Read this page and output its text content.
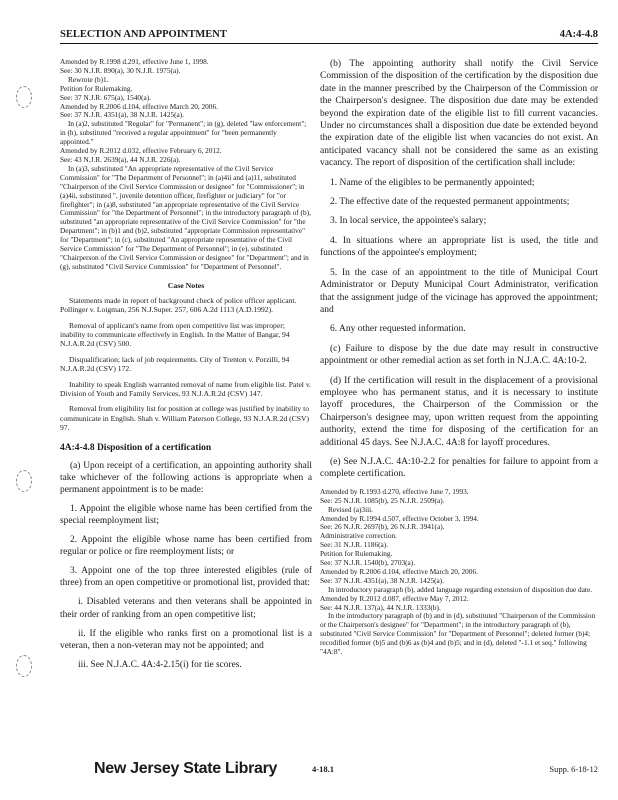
SELECTION AND APPOINTMENT	4A:4-4.8

Amended by R.1998 d.291, effective June 1, 1998.

See: 30 N.J.R. 890(a), 30 N.J.R. 1975(a).

Rewrote (b)1.

Petition for Rulemaking.

See: 37 N.J.R. 675(a), 1540(a).

Amended by R.2006 d.104, effective March 20, 2006.

See: 37 N.J.R. 4351(a), 38 N.J.R. 1425(a).

In (a)2, substituted "Regular" for "Permanent"; in (g), deleted "law enforcement"; in (h), substituted "received a regular appointment" for "been permanently appointed."

Amended by R.2012 d.032, effective February 6, 2012.

See: 43 N.J.R. 2639(a), 44 N.J.R. 226(a).

In (a)3, substituted "An appropriate representative of the Civil Service Commission" for "The Department of Personnel"; in (a)4ii and (a)11, substituted "Chairperson of the Civil Service Commission or designee" for "Commissioner"; in (a)4ii, substituted ", juvenile detention officer, firefighter or judiciary" for "or firefighter"; in (a)8, substituted "an appropriate representative of the Civil Service Commission" for "the Department of Personnel"; in the introductory paragraph of (b), substituted "an appropriate representative of the Civil Service Commission" for "the Department"; in (b)1 and (b)2, substituted "appropriate Commission representative" for "Department"; in (c), substituted "An appropriate representative of the Civil Service Commission" for "The Department of Personnel"; in (e), substituted "Chairperson of the Civil Service Commission or designee" for "Department"; and in (g), substituted "Civil Service Commission" for "Department of Personnel".

Case Notes

Statements made in report of background check of police officer applicant. Pollinger v. Loigman, 256 N.J.Super. 257, 606 A.2d 1113 (A.D.1992).

Removal of applicant's name from open competitive list was improper; inability to communicate effectively in English. In the Matter of Bangar, 94 N.J.A.R.2d (CSV) 500.

Disqualification; lack of job requirements. City of Trenton v. Porzilli, 94 N.J.A.R.2d (CSV) 172.

Inability to speak English warranted removal of name from eligible list. Patel v. Division of Youth and Family Services, 93 N.J.A.R.2d (CSV) 147.

Removal from eligibility list for position at college was justified by inability to communicate in English. Shah v. William Paterson College, 93 N.J.A.R.2d (CSV) 97.

4A:4-4.8 Disposition of a certification

(a) Upon receipt of a certification, an appointing authority shall take whichever of the following actions is appropriate when a permanent appointment is to be made:

1. Appoint the eligible whose name has been certified from the special reemployment list;

2. Appoint the eligible whose name has been certified from regular or police or fire reemployment lists; or

3. Appoint one of the top three interested eligibles (rule of three) from an open competitive or promotional list, provided that:

i. Disabled veterans and then veterans shall be appointed in their order of ranking from an open competitive list;

ii. If the eligible who ranks first on a promotional list is a veteran, then a non-veteran may not be appointed; and

iii. See N.J.A.C. 4A:4-2.15(i) for tie scores.

(b) The appointing authority shall notify the Civil Service Commission of the disposition of the certification by the disposition due date in the manner prescribed by the Chairperson of the Commission or the Chairperson's designee. The disposition due date may be extended beyond the expiration date of the eligible list to fill current vacancies. Under no circumstances shall a disposition due date be extended beyond the expiration date of the eligible list when vacancies do not exist. An anticipated vacancy shall not be considered the same as an existing vacancy. The report of disposition of the certification shall include:

1. Name of the eligibles to be permanently appointed;

2. The effective date of the requested permanent appointments;

3. In local service, the appointee's salary;

4. In situations where an appropriate list is used, the title and functions of the appointee's employment;

5. In the case of an appointment to the title of Municipal Court Administrator or Deputy Municipal Court Administrator, verification that the assignment judge of the vicinage has approved the appointment; and

6. Any other requested information.

(c) Failure to dispose by the due date may result in constructive appointment or other remedial action as set forth in N.J.A.C. 4A:10-2.

(d) If the certification will result in the displacement of a provisional employee who has permanent status, and it is necessary to institute layoff procedures, the Chairperson of the Commission or the Chairperson's designee may, upon written request from the appointing authority, extend the time for disposing of the certification for an additional 45 days. See N.J.A.C. 4A:8 for layoff procedures.

(e) See N.J.A.C. 4A:10-2.2 for penalties for failure to appoint from a complete certification.

Amended by R.1993 d.270, effective June 7, 1993.

See: 25 N.J.R. 1085(b), 25 N.J.R. 2509(a).

Revised (a)3iii.

Amended by R.1994 d.507, effective October 3, 1994.

See: 26 N.J.R. 2697(b), 26 N.J.R. 3941(a).

Administrative correction.

See: 31 N.J.R. 1186(a).

Petition for Rulemaking.

See: 37 N.J.R. 1540(b), 2703(a).

Amended by R.2006 d.104, effective March 20, 2006.

See: 37 N.J.R. 4351(a), 38 N.J.R. 1425(a).

In introductory paragraph (b), added language regarding extension of disposition due date.

Amended by R.2012 d.087, effective May 7, 2012.

See: 44 N.J.R. 137(a), 44 N.J.R. 1333(b).

In the introductory paragraph of (b) and in (d), substituted "Chairperson of the Commission or the Chairperson's designee" for "Department"; in the introductory paragraph of (b), substituted "Civil Service Commission" for "Department of Personnel"; deleted former (b)4; recodified former (b)5 and (b)6 as (b)4 and (b)5; and in (d), deleted "-1.1 et seq." following "4A:8".

New Jersey State Library	4-18.1	Supp. 6-18-12
